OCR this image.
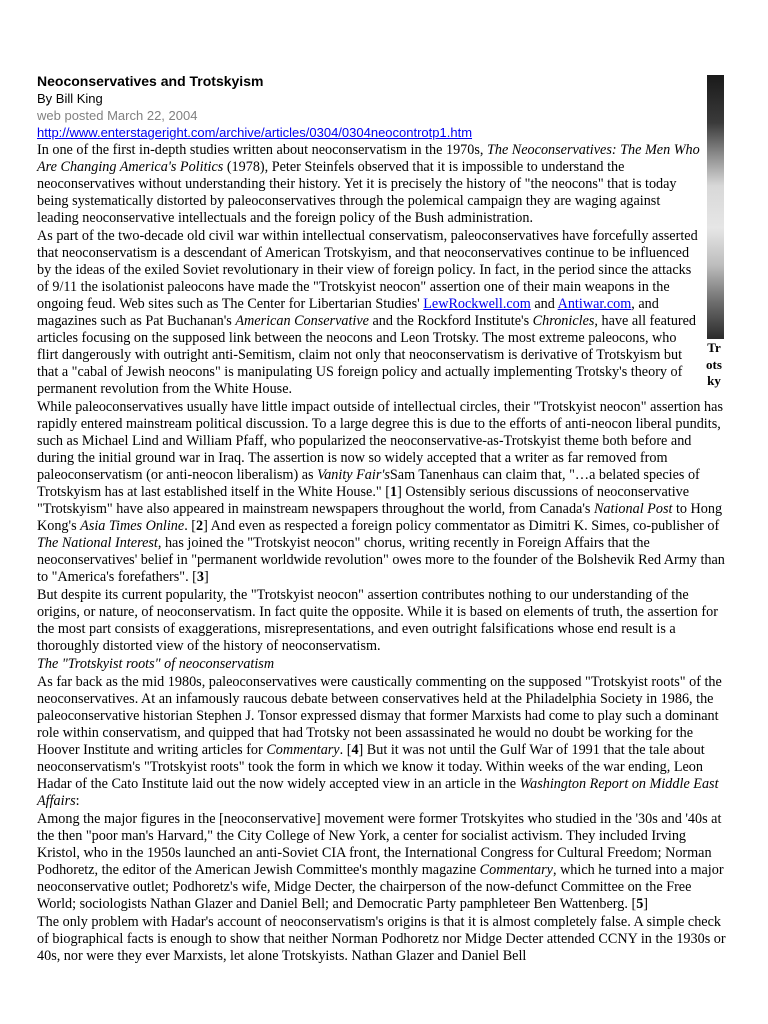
Trotsky
Neoconservatives and Trotskyism
By Bill King
web posted March 22, 2004
http://www.enterstageright.com/archive/articles/0304/0304neocontrotp1.htm

In one of the first in-depth studies written about neoconservatism in the 1970s, The Neoconservatives: The Men Who Are Changing America's Politics (1978), Peter Steinfels observed that it is impossible to understand the neoconservatives without understanding their history. Yet it is precisely the history of "the neocons" that is today being systematically distorted by paleoconservatives through the polemical campaign they are waging against leading neoconservative intellectuals and the foreign policy of the Bush administration.

As part of the two-decade old civil war within intellectual conservatism, paleoconservatives have forcefully asserted that neoconservatism is a descendant of American Trotskyism, and that neoconservatives continue to be influenced by the ideas of the exiled Soviet revolutionary in their view of foreign policy. In fact, in the period since the attacks of 9/11 the isolationist paleocons have made the "Trotskyist neocon" assertion one of their main weapons in the ongoing feud. Web sites such as The Center for Libertarian Studies' LewRockwell.com and Antiwar.com, and magazines such as Pat Buchanan's American Conservative and the Rockford Institute's Chronicles, have all featured articles focusing on the supposed link between the neocons and Leon Trotsky. The most extreme paleocons, who flirt dangerously with outright anti-Semitism, claim not only that neoconservatism is derivative of Trotskyism but that a "cabal of Jewish neocons" is manipulating US foreign policy and actually implementing Trotsky's theory of permanent revolution from the White House.

While paleoconservatives usually have little impact outside of intellectual circles, their "Trotskyist neocon" assertion has rapidly entered mainstream political discussion. To a large degree this is due to the efforts of anti-neocon liberal pundits, such as Michael Lind and William Pfaff, who popularized the neoconservative-as-Trotskyist theme both before and during the initial ground war in Iraq. The assertion is now so widely accepted that a writer as far removed from paleoconservatism (or anti-neocon liberalism) as Vanity Fair'sSam Tanenhaus can claim that, "…a belated species of Trotskyism has at last established itself in the White House." [1] Ostensibly serious discussions of neoconservative "Trotskyism" have also appeared in mainstream newspapers throughout the world, from Canada's National Post to Hong Kong's Asia Times Online. [2] And even as respected a foreign policy commentator as Dimitri K. Simes, co-publisher of The National Interest, has joined the "Trotskyist neocon" chorus, writing recently in Foreign Affairs that the neoconservatives' belief in "permanent worldwide revolution" owes more to the founder of the Bolshevik Red Army than to "America's forefathers". [3]

But despite its current popularity, the "Trotskyist neocon" assertion contributes nothing to our understanding of the origins, or nature, of neoconservatism. In fact quite the opposite. While it is based on elements of truth, the assertion for the most part consists of exaggerations, misrepresentations, and even outright falsifications whose end result is a thoroughly distorted view of the history of neoconservatism.

The "Trotskyist roots" of neoconservatism

As far back as the mid 1980s, paleoconservatives were caustically commenting on the supposed "Trotskyist roots" of the neoconservatives. At an infamously raucous debate between conservatives held at the Philadelphia Society in 1986, the paleoconservative historian Stephen J. Tonsor expressed dismay that former Marxists had come to play such a dominant role within conservatism, and quipped that had Trotsky not been assassinated he would no doubt be working for the Hoover Institute and writing articles for Commentary. [4] But it was not until the Gulf War of 1991 that the tale about neoconservatism's "Trotskyist roots" took the form in which we know it today. Within weeks of the war ending, Leon Hadar of the Cato Institute laid out the now widely accepted view in an article in the Washington Report on Middle East Affairs:

Among the major figures in the [neoconservative] movement were former Trotskyites who studied in the '30s and '40s at the then "poor man's Harvard," the City College of New York, a center for socialist activism. They included Irving Kristol, who in the 1950s launched an anti-Soviet CIA front, the International Congress for Cultural Freedom; Norman Podhoretz, the editor of the American Jewish Committee's monthly magazine Commentary, which he turned into a major neoconservative outlet; Podhoretz's wife, Midge Decter, the chairperson of the now-defunct Committee on the Free World; sociologists Nathan Glazer and Daniel Bell; and Democratic Party pamphleteer Ben Wattenberg. [5]

The only problem with Hadar's account of neoconservatism's origins is that it is almost completely false. A simple check of biographical facts is enough to show that neither Norman Podhoretz nor Midge Decter attended CCNY in the 1930s or 40s, nor were they ever Marxists, let alone Trotskyists. Nathan Glazer and Daniel Bell
